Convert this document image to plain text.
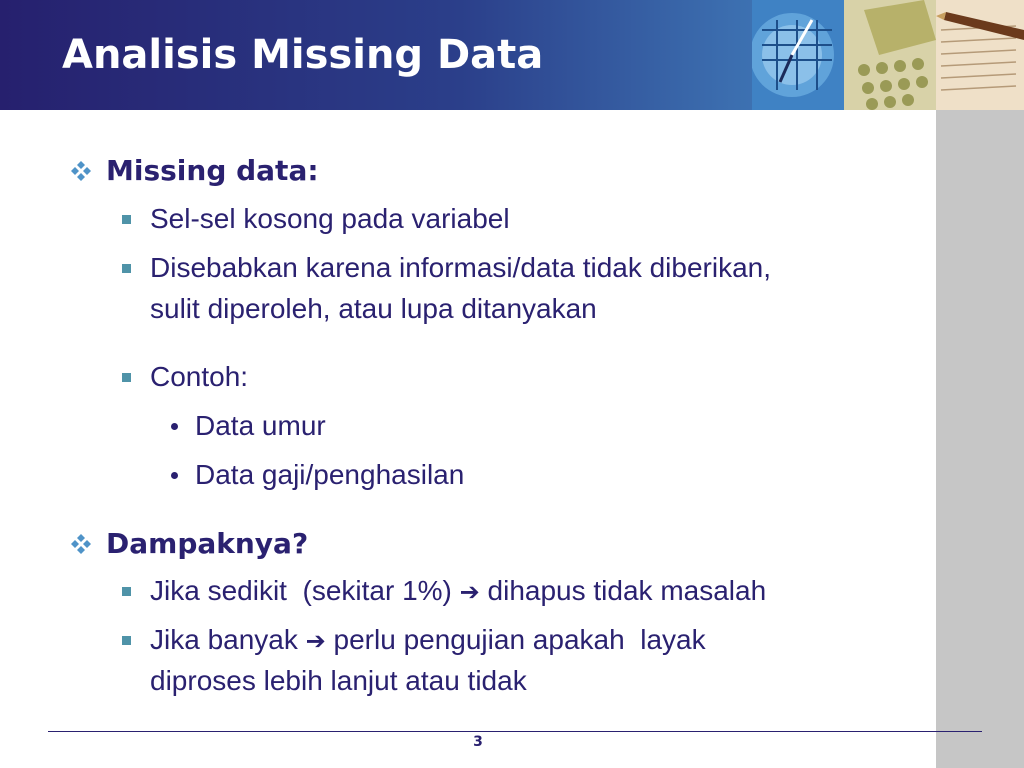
Analisis Missing Data
Missing data:
Sel-sel kosong pada variabel
Disebabkan karena informasi/data tidak diberikan,
sulit diperoleh, atau lupa ditanyakan
Contoh:
Data umur
Data gaji/penghasilan
Dampaknya?
Jika sedikit  (sekitar 1%) ➔ dihapus tidak masalah
Jika banyak ➔ perlu pengujian apakah  layak
diproses lebih lanjut atau tidak
3
